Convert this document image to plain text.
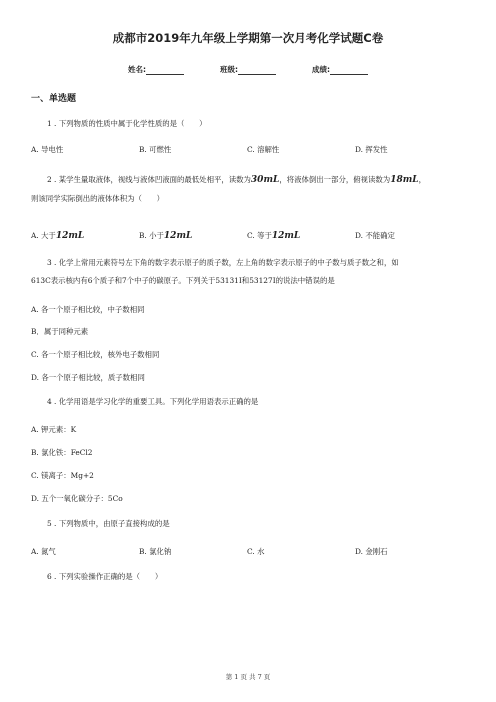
成都市2019年九年级上学期第一次月考化学试题C卷
姓名:	班级:	成绩:
一、单选题
1 . 下列物质的性质中属于化学性质的是（　　）
A. 导电性	B. 可燃性	C. 溶解性	D. 挥发性
2 . 某学生量取液体，视线与液体凹液面的最低处相平，读数为30mL，将液体倒出一部分，俯视读数为18mL，
则该同学实际倒出的液体体积为（　　）
A. 大于12mL	B. 小于12mL	C. 等于12mL	D. 不能确定
3 . 化学上常用元素符号左下角的数字表示原子的质子数，左上角的数字表示原子的中子数与质子数之和，如
613C表示核内有6个质子和7个中子的碳原子。下列关于53131I和53127I的说法中错误的是
A. 各一个原子相比较，中子数相同
B．属于同种元素
C. 各一个原子相比较，核外电子数相同
D. 各一个原子相比较，质子数相同
4 . 化学用语是学习化学的重要工具。下列化学用语表示正确的是
A. 钾元素：K
B. 氯化铁：FeCl2
C. 镁离子：Mg+2
D. 五个一氧化碳分子：5Co
5 . 下列物质中，由原子直接构成的是
A. 氮气	B. 氯化钠	C. 水	D. 金刚石
6 . 下列实验操作正确的是（　　）
第 1 页 共 7 页
